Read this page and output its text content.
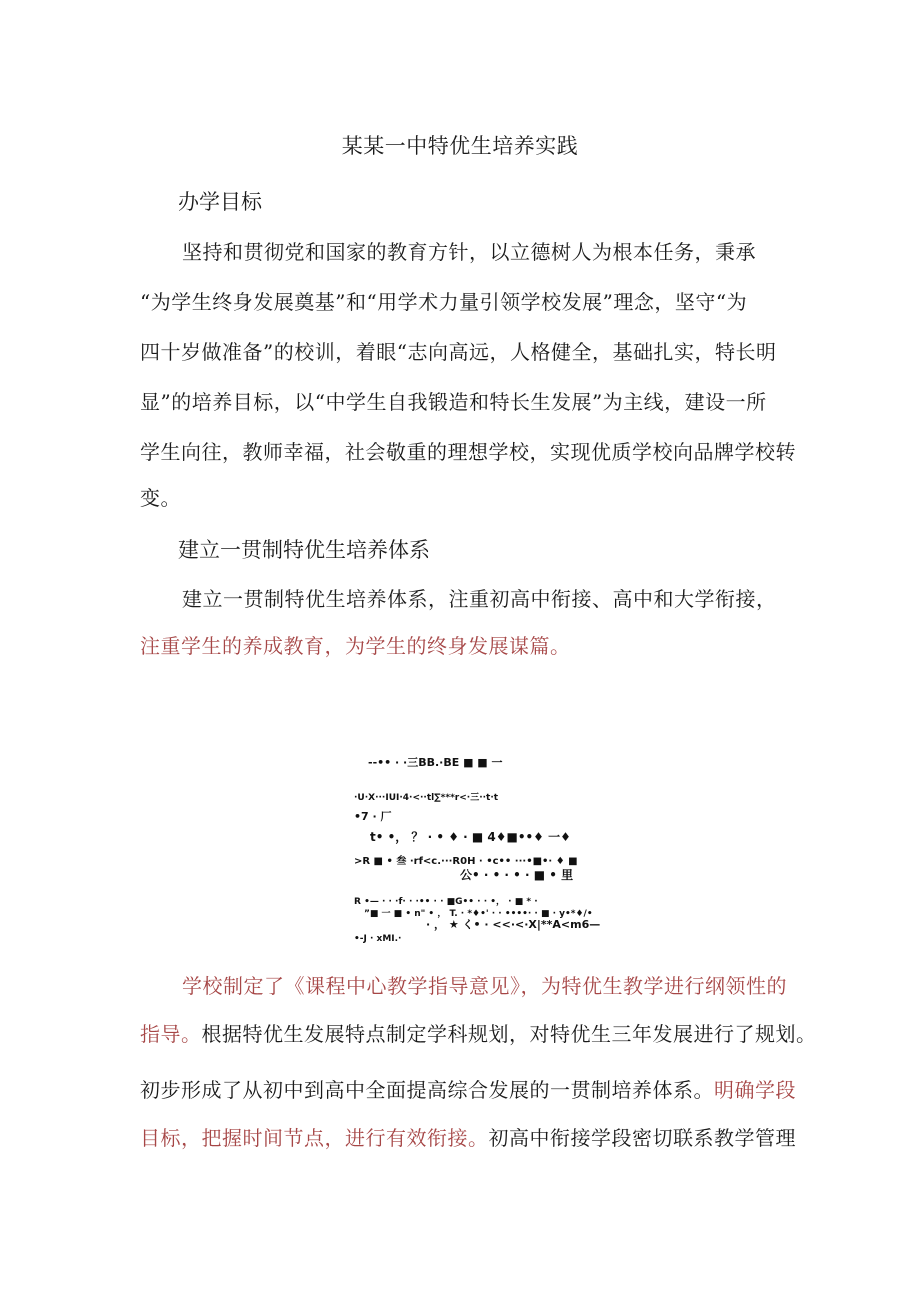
某某一中特优生培养实践
办学目标
坚持和贯彻党和国家的教育方针，以立德树人为根本任务，秉承
“为学生终身发展奠基”和“用学术力量引领学校发展”理念，坚守“为
四十岁做准备”的校训，着眼“志向高远，人格健全，基础扎实，特长明
显”的培养目标，以“中学生自我锻造和特长生发展”为主线，建设一所
学生向往，教师幸福，社会敬重的理想学校，实现优质学校向品牌学校转
变。
建立一贯制特优生培养体系
建立一贯制特优生培养体系，注重初高中衔接、高中和大学衔接，
注重学生的养成教育，为学生的终身发展谋篇。
--•• · ·三BB.·BE ■ ■ 一
·U·X···IUI·4·<··tl∑***r<·三··t·t
•7 · 厂
t• •， ？ · • ♦ · ■ 4♦■••♦ 一♦
>R ■ • 叁 ·rf<c.···R0H · •c•• ···•■•· ♦ ■
公• · • · • · ■ • 里
R •— · · ·f· · ·•• · · ■G•• · · •， · ■ * ·
”■ 一 ■ • n" • ， T. · *♦•' · · ••••· · ■ · y•*♦/•
· ， ★ く• · <<·<·X|**A<m6—
•-J · xMI.·
学校制定了《课程中心教学指导意见》，为特优生教学进行纲领性的
指导。根据特优生发展特点制定学科规划，对特优生三年发展进行了规划。
初步形成了从初中到高中全面提高综合发展的一贯制培养体系。明确学段
目标，把握时间节点，进行有效衔接。初高中衔接学段密切联系教学管理
